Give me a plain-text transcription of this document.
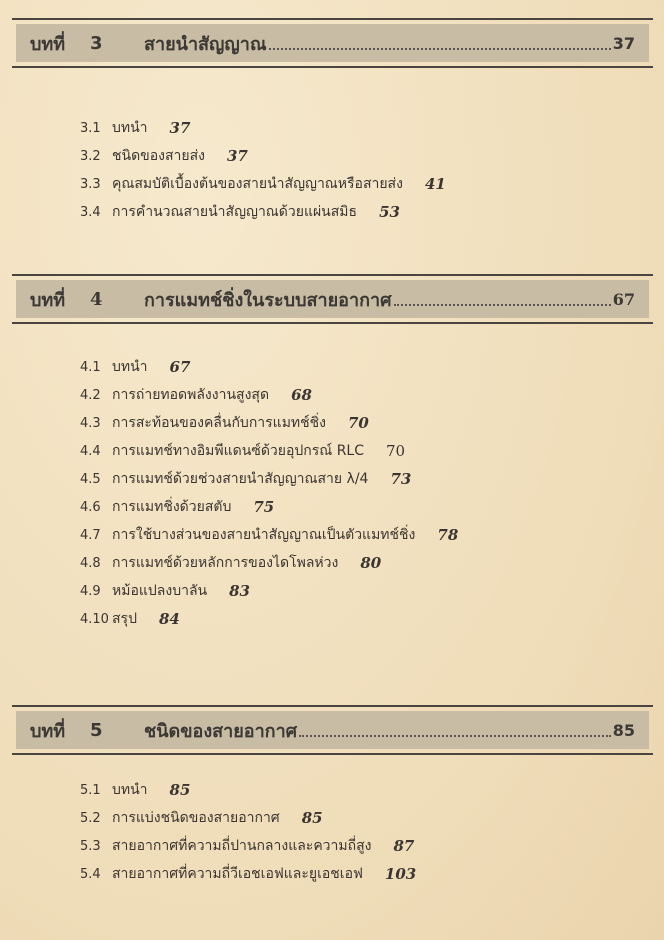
บทที่	3	สายนำสัญญาณ	37
3.1 บทนำ 37
3.2 ชนิดของสายส่ง 37
3.3 คุณสมบัติเบื้องต้นของสายนำสัญญาณหรือสายส่ง 41
3.4 การคำนวณสายนำสัญญาณด้วยแผ่นสมิธ 53
บทที่	4	การแมทช์ชิ่งในระบบสายอากาศ	67
4.1 บทนำ 67
4.2 การถ่ายทอดพลังงานสูงสุด 68
4.3 การสะท้อนของคลื่นกับการแมทช์ชิ่ง 70
4.4 การแมทช์ทางอิมพีแดนซ์ด้วยอุปกรณ์ RLC 70
4.5 การแมทช์ด้วยช่วงสายนำสัญญาณสาย λ/4 73
4.6 การแมทชิ่งด้วยสตับ 75
4.7 การใช้บางส่วนของสายนำสัญญาณเป็นตัวแมทช์ชิ่ง 78
4.8 การแมทช์ด้วยหลักการของไดโพลห่วง 80
4.9 หม้อแปลงบาลัน 83
4.10 สรุป 84
บทที่	5	ชนิดของสายอากาศ	85
5.1 บทนำ 85
5.2 การแบ่งชนิดของสายอากาศ 85
5.3 สายอากาศที่ความถี่ปานกลางและความถี่สูง 87
5.4 สายอากาศที่ความถี่วีเอชเอฟและยูเอชเอฟ 103
